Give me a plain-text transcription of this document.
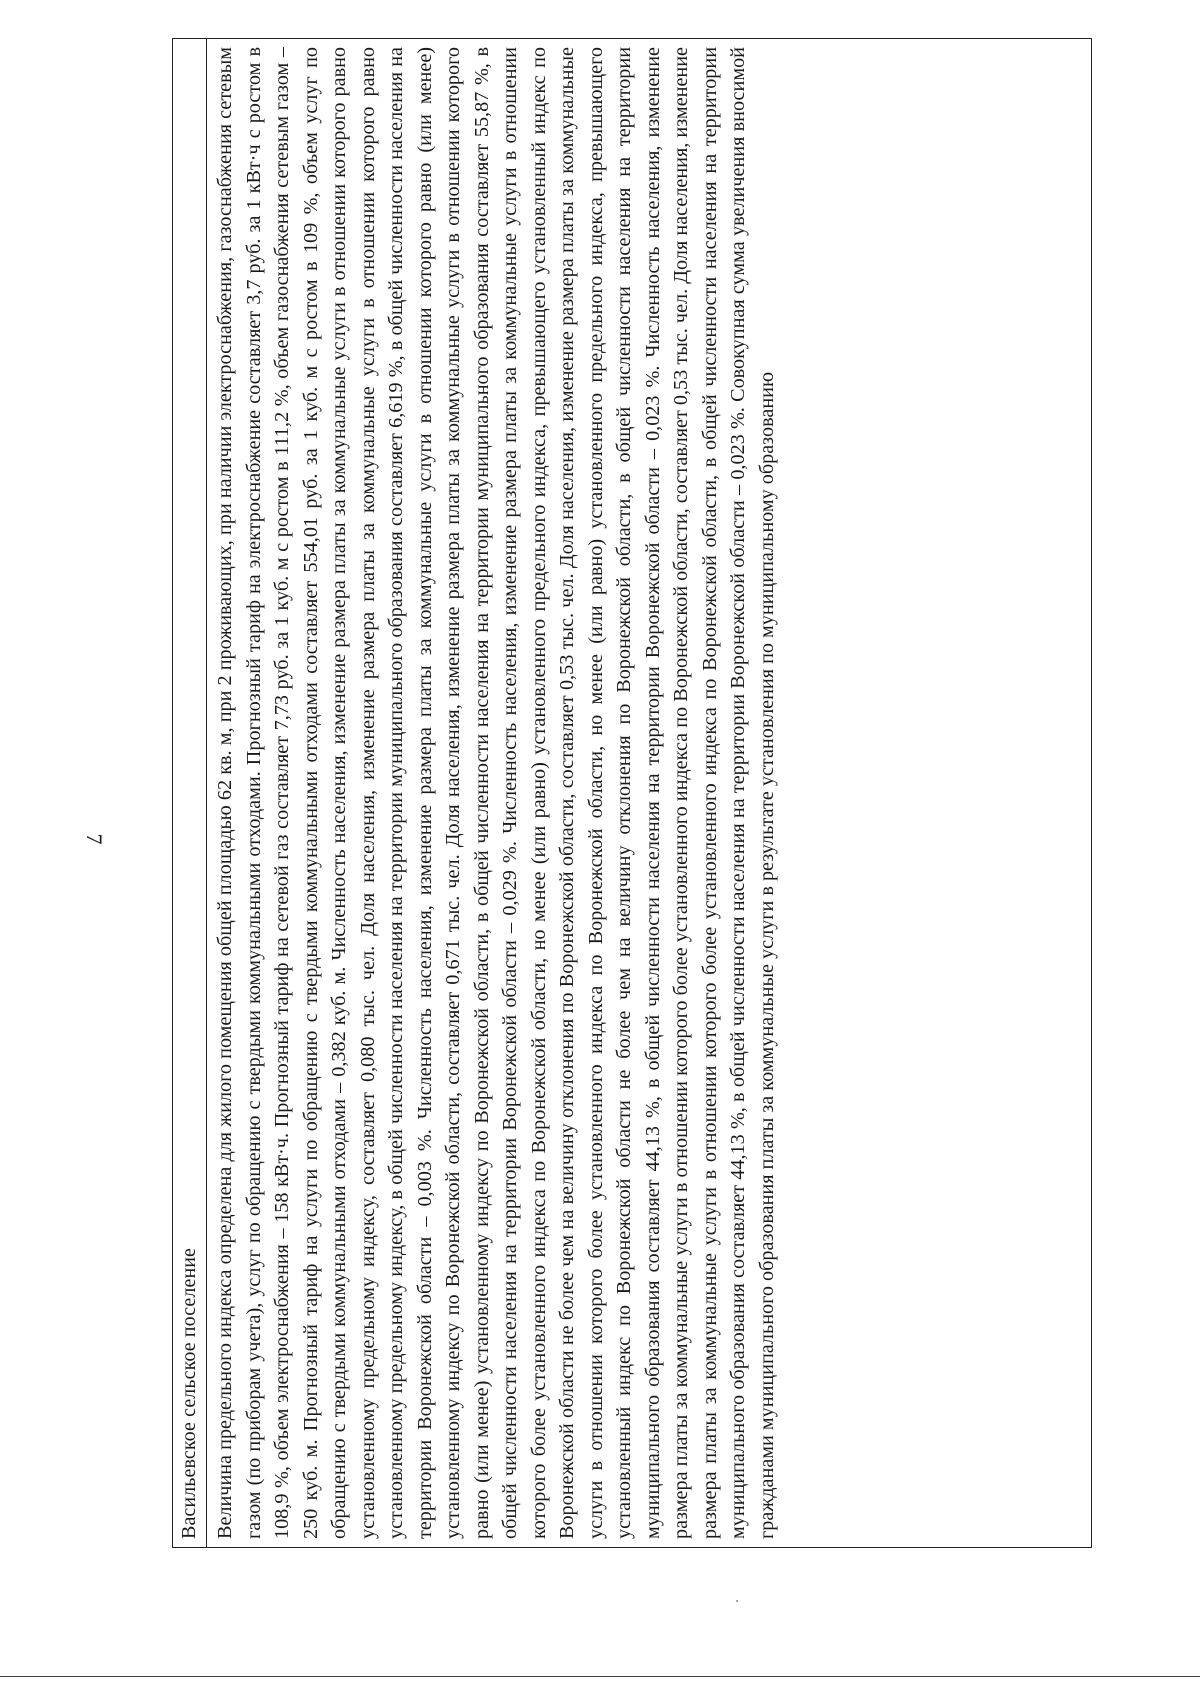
7
Васильевское сельское поселение Величина предельного индекса определена для жилого помещения общей площадью 62 кв. м, при 2 проживающих, при наличии электроснабжения, газоснабжения сетевым газом (по приборам учета), услуг по обращению с твердыми коммунальными отходами. Прогнозный тариф на электроснабжение составляет 3,7 руб. за 1 кВт·ч с ростом в 108,9 %, объем электроснабжения – 158 кВт·ч. Прогнозный тариф на сетевой газ составляет 7,73 руб. за 1 куб. м с ростом в 111,2 %, объем газоснабжения сетевым газом – 250 куб. м. Прогнозный тариф на услуги по обращению с твердыми коммунальными отходами составляет 554,01 руб. за 1 куб. м с ростом в 109 %, объем услуг по обращению с твердыми коммунальными отходами – 0,382 куб. м. Численность населения, изменение размера платы за коммунальные услуги в отношении которого равно установленному предельному индексу, составляет 0,080 тыс. чел. Доля населения, изменение размера платы за коммунальные услуги в отношении которого равно установленному предельному индексу, в общей численности населения на территории муниципального образования составляет 6,619 %, в общей численности населения на территории Воронежской области – 0,003 %. Численность населения, изменение размера платы за коммунальные услуги в отношении которого равно (или менее) установленному индексу по Воронежской области, составляет 0,671 тыс. чел. Доля населения, изменение размера платы за коммунальные услуги в отношении которого равно (или менее) установленному индексу по Воронежской области, в общей численности населения на территории муниципального образования составляет 55,87 %, в общей численности населения на территории Воронежской области – 0,029 %. Численность населения, изменение размера платы за коммунальные услуги в отношении которого более установленного индекса по Воронежской области, но менее (или равно) установленного предельного индекса, превышающего установленный индекс по Воронежской области не более чем на величину отклонения по Воронежской области, составляет 0,53 тыс. чел. Доля населения, изменение размера платы за коммунальные услуги в отношении которого более установленного индекса по Воронежской области, но менее (или равно) установленного предельного индекса, превышающего установленный индекс по Воронежской области не более чем на величину отклонения по Воронежской области, в общей численности населения на территории муниципального образования составляет 44,13 %, в общей численности населения на территории Воронежской области – 0,023 %. Численность населения, изменение размера платы за коммунальные услуги в отношении которого более установленного индекса по Воронежской области, составляет 0,53 тыс. чел. Доля населения, изменение размера платы за коммунальные услуги в отношении которого более установленного индекса по Воронежской области, в общей численности населения на территории муниципального образования составляет 44,13 %, в общей численности населения на территории Воронежской области – 0,023 %. Совокупная сумма увеличения вносимой гражданами муниципального образования платы за коммунальные услуги в результате установления по муниципальному образованию
